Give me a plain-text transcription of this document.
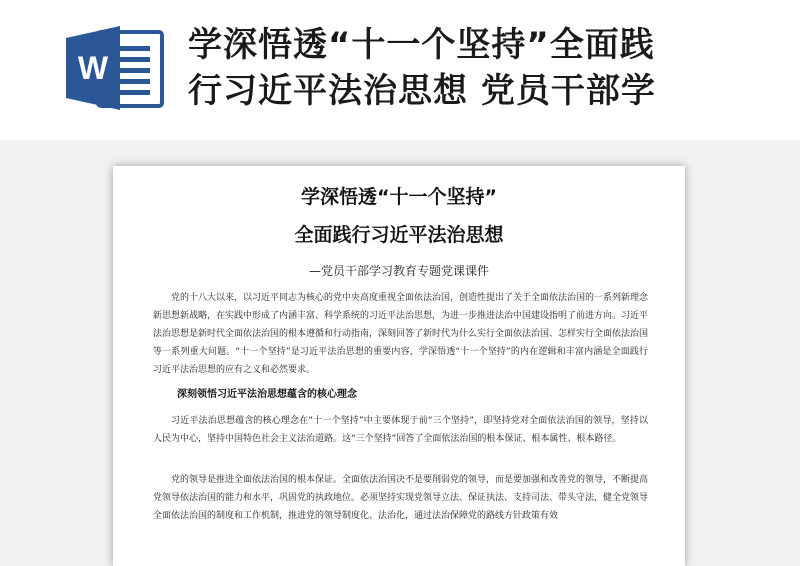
W
学深悟透“十一个坚持”全面践
行习近平法治思想 党员干部学
学深悟透“十一个坚持”
全面践行习近平法治思想
—党员干部学习教育专题党课课件
党的十八大以来，以习近平同志为核心的党中央高度重视全面依法治国，创造性提出了关于全面依法治国的一系列新理念新思想新战略，在实践中形成了内涵丰富、科学系统的习近平法治思想，为进一步推进法治中国建设指明了前进方向。习近平法治思想是新时代全面依法治国的根本遵循和行动指南，深刻回答了新时代为什么实行全面依法治国、怎样实行全面依法治国等一系列重大问题。“十一个坚持”是习近平法治思想的重要内容，学深悟透“十一个坚持”的内在逻辑和丰富内涵是全面践行习近平法治思想的应有之义和必然要求。
深刻领悟习近平法治思想蕴含的核心理念
习近平法治思想蕴含的核心理念在“十一个坚持”中主要体现于前“三个坚持”，即坚持党对全面依法治国的领导，坚持以人民为中心，坚持中国特色社会主义法治道路。这“三个坚持”回答了全面依法治国的根本保证、根本属性、根本路径。
党的领导是推进全面依法治国的根本保证。全面依法治国决不是要削弱党的领导，而是要加强和改善党的领导，不断提高党领导依法治国的能力和水平，巩固党的执政地位。必须坚持实现党领导立法、保证执法、支持司法、带头守法，健全党领导全面依法治国的制度和工作机制，推进党的领导制度化、法治化，通过法治保障党的路线方针政策有效
